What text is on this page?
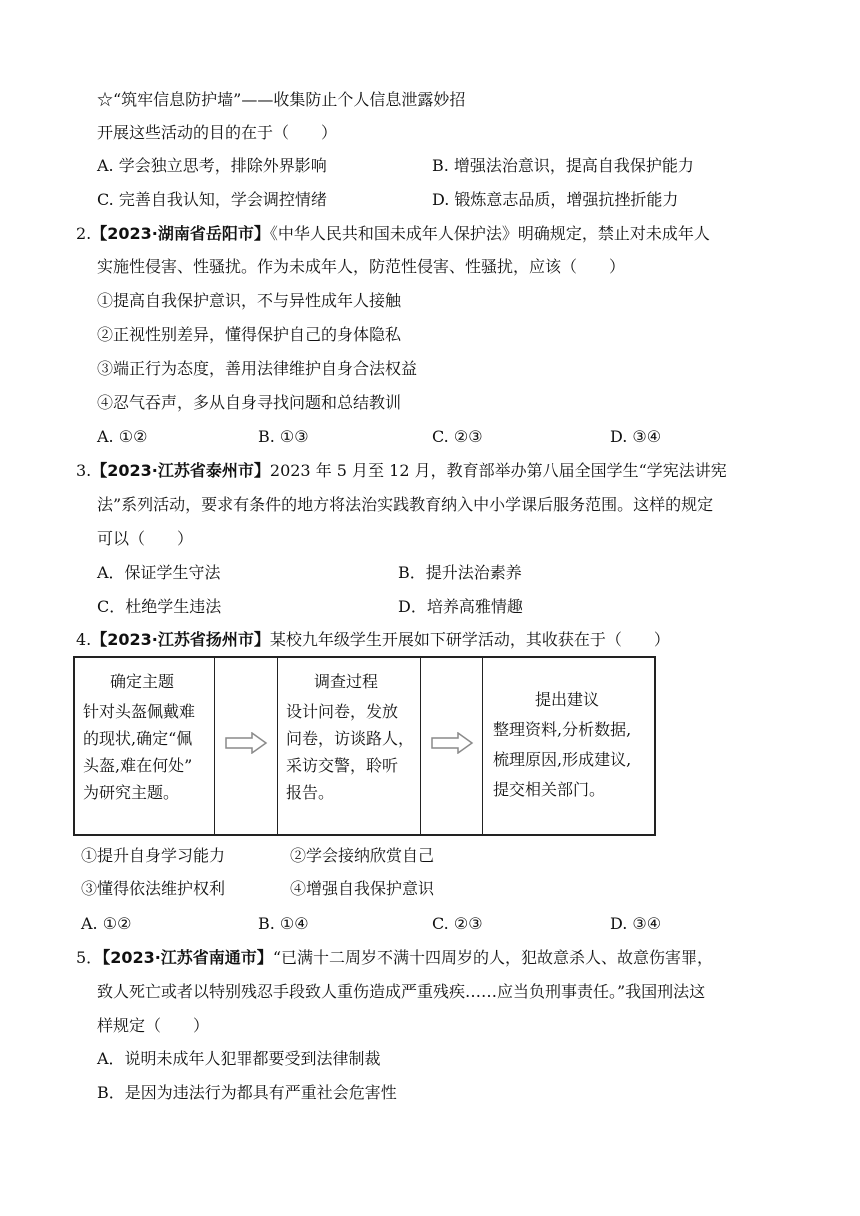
☆“筑牢信息防护墙”——收集防止个人信息泄露妙招
开展这些活动的目的在于（　　）
A. 学会独立思考，排除外界影响	B. 增强法治意识，提高自我保护能力
C. 完善自我认知，学会调控情绪	D. 锻炼意志品质，增强抗挫折能力
2.【2023·湖南省岳阳市】《中华人民共和国未成年人保护法》明确规定，禁止对未成年人
实施性侵害、性骚扰。作为未成年人，防范性侵害、性骚扰，应该（　　）
①提高自我保护意识，不与异性成年人接触
②正视性别差异，懂得保护自己的身体隐私
③端正行为态度，善用法律维护自身合法权益
④忍气吞声，多从自身寻找问题和总结教训
A. ①②	B. ①③	C. ②③	D. ③④
3.【2023·江苏省泰州市】2023 年 5 月至 12 月，教育部举办第八届全国学生“学宪法讲宪
法”系列活动，要求有条件的地方将法治实践教育纳入中小学课后服务范围。这样的规定
可以（　　）
A．保证学生守法	B．提升法治素养
C．杜绝学生违法	D．培养高雅情趣
4.【2023·江苏省扬州市】某校九年级学生开展如下研学活动，其收获在于（　　）
确定主题
针对头盔佩戴难
的现状,确定“佩
头盔,难在何处”
为研究主题。
调查过程
设计问卷，发放
问卷，访谈路人，
采访交警，聆听
报告。
提出建议
整理资料,分析数据,
梳理原因,形成建议,
提交相关部门。
①提升自身学习能力	②学会接纳欣赏自己
③懂得依法维护权利	④增强自我保护意识
A. ①②	B. ①④	C. ②③	D. ③④
5．【2023·江苏省南通市】“已满十二周岁不满十四周岁的人，犯故意杀人、故意伤害罪，
致人死亡或者以特别残忍手段致人重伤造成严重残疾……应当负刑事责任。”我国刑法这
样规定（　　）
A．说明未成年人犯罪都要受到法律制裁
B．是因为违法行为都具有严重社会危害性
